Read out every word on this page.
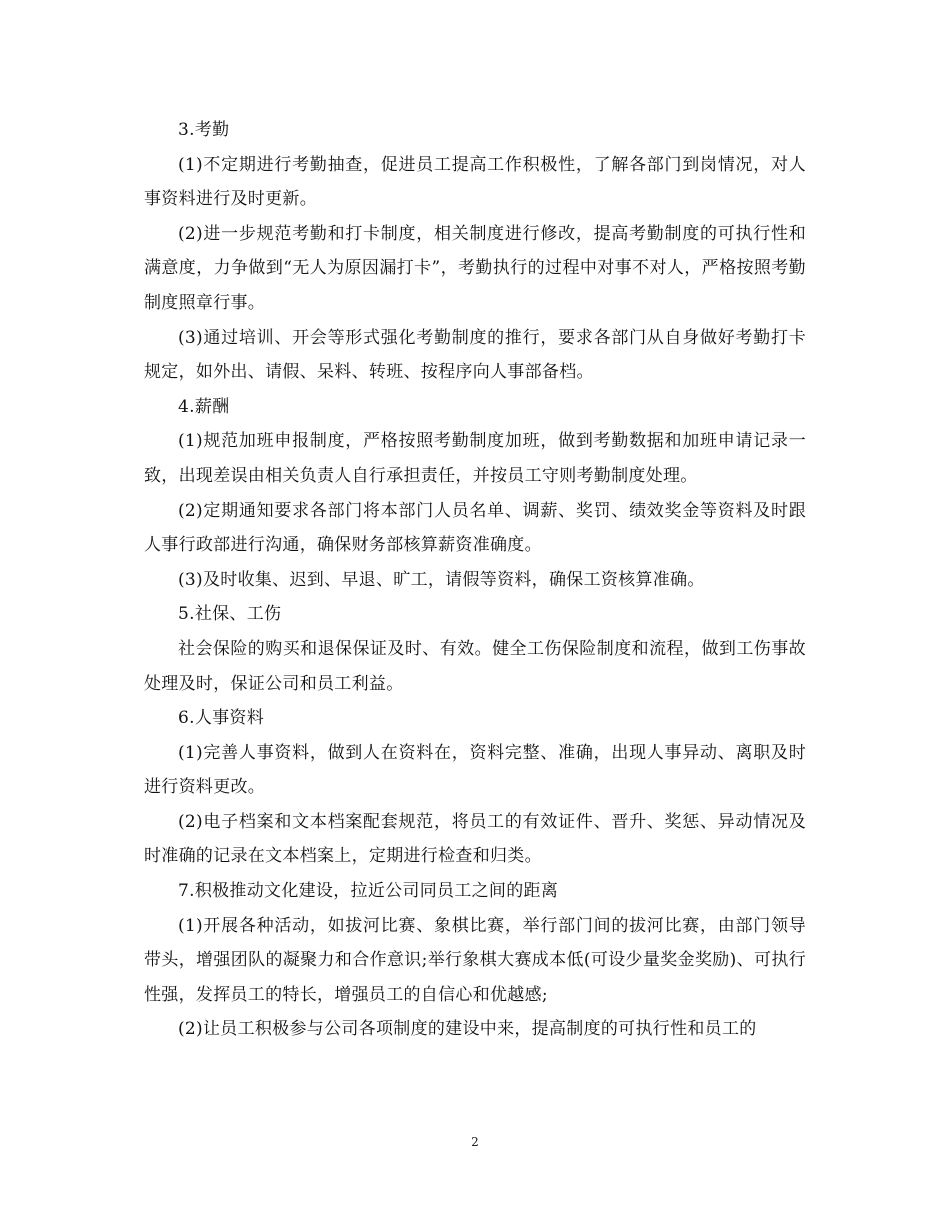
3.考勤

(1)不定期进行考勤抽查，促进员工提高工作积极性，了解各部门到岗情况，对人事资料进行及时更新。

(2)进一步规范考勤和打卡制度，相关制度进行修改，提高考勤制度的可执行性和满意度，力争做到“无人为原因漏打卡”，考勤执行的过程中对事不对人，严格按照考勤制度照章行事。

(3)通过培训、开会等形式强化考勤制度的推行，要求各部门从自身做好考勤打卡规定，如外出、请假、呆料、转班、按程序向人事部备档。

4.薪酬

(1)规范加班申报制度，严格按照考勤制度加班，做到考勤数据和加班申请记录一致，出现差误由相关负责人自行承担责任，并按员工守则考勤制度处理。

(2)定期通知要求各部门将本部门人员名单、调薪、奖罚、绩效奖金等资料及时跟人事行政部进行沟通，确保财务部核算薪资准确度。

(3)及时收集、迟到、早退、旷工，请假等资料，确保工资核算准确。

5.社保、工伤

社会保险的购买和退保保证及时、有效。健全工伤保险制度和流程，做到工伤事故处理及时，保证公司和员工利益。

6.人事资料

(1)完善人事资料，做到人在资料在，资料完整、准确，出现人事异动、离职及时进行资料更改。

(2)电子档案和文本档案配套规范，将员工的有效证件、晋升、奖惩、异动情况及时准确的记录在文本档案上，定期进行检查和归类。

7.积极推动文化建设，拉近公司同员工之间的距离

(1)开展各种活动，如拔河比赛、象棋比赛，举行部门间的拔河比赛，由部门领导带头，增强团队的凝聚力和合作意识;举行象棋大赛成本低(可设少量奖金奖励)、可执行性强，发挥员工的特长，增强员工的自信心和优越感;

(2)让员工积极参与公司各项制度的建设中来，提高制度的可执行性和员工的

2
